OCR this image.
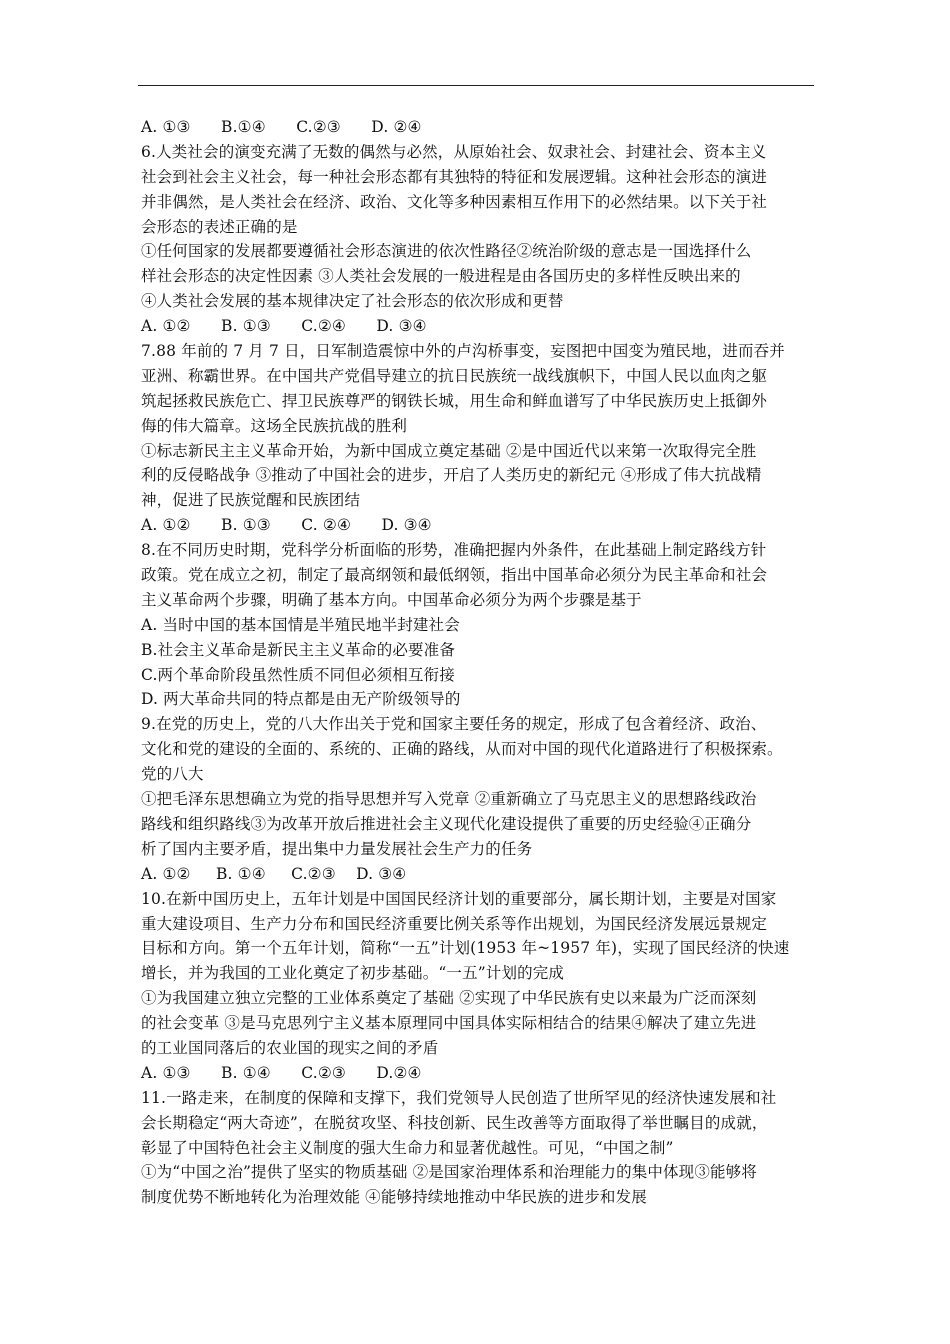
A. ①③      B.①④      C.②③      D. ②④
6.人类社会的演变充满了无数的偶然与必然，从原始社会、奴隶社会、封建社会、资本主义
社会到社会主义社会，每一种社会形态都有其独特的特征和发展逻辑。这种社会形态的演进
并非偶然，是人类社会在经济、政治、文化等多种因素相互作用下的必然结果。以下关于社
会形态的表述正确的是
①任何国家的发展都要遵循社会形态演进的依次性路径②统治阶级的意志是一国选择什么
样社会形态的决定性因素 ③人类社会发展的一般进程是由各国历史的多样性反映出来的
④人类社会发展的基本规律决定了社会形态的依次形成和更替
A. ①②      B. ①③      C.②④      D. ③④
7.88 年前的 7 月 7 日，日军制造震惊中外的卢沟桥事变，妄图把中国变为殖民地，进而吞并
亚洲、称霸世界。在中国共产党倡导建立的抗日民族统一战线旗帜下，中国人民以血肉之躯
筑起拯救民族危亡、捍卫民族尊严的钢铁长城，用生命和鲜血谱写了中华民族历史上抵御外
侮的伟大篇章。这场全民族抗战的胜利
①标志新民主主义革命开始，为新中国成立奠定基础 ②是中国近代以来第一次取得完全胜
利的反侵略战争 ③推动了中国社会的进步，开启了人类历史的新纪元 ④形成了伟大抗战精
神，促进了民族觉醒和民族团结
A. ①②      B. ①③      C. ②④      D. ③④
8.在不同历史时期，党科学分析面临的形势，准确把握内外条件，在此基础上制定路线方针
政策。党在成立之初，制定了最高纲领和最低纲领，指出中国革命必须分为民主革命和社会
主义革命两个步骤，明确了基本方向。中国革命必须分为两个步骤是基于
A. 当时中国的基本国情是半殖民地半封建社会
B.社会主义革命是新民主主义革命的必要准备
C.两个革命阶段虽然性质不同但必须相互衔接
D. 两大革命共同的特点都是由无产阶级领导的
9.在党的历史上，党的八大作出关于党和国家主要任务的规定，形成了包含着经济、政治、
文化和党的建设的全面的、系统的、正确的路线，从而对中国的现代化道路进行了积极探索。
党的八大
①把毛泽东思想确立为党的指导思想并写入党章 ②重新确立了马克思主义的思想路线政治
路线和组织路线③为改革开放后推进社会主义现代化建设提供了重要的历史经验④正确分
析了国内主要矛盾，提出集中力量发展社会生产力的任务
A. ①②     B. ①④     C.②③    D. ③④
10.在新中国历史上，五年计划是中国国民经济计划的重要部分，属长期计划，主要是对国家
重大建设项目、生产力分布和国民经济重要比例关系等作出规划，为国民经济发展远景规定
目标和方向。第一个五年计划，简称“一五”计划(1953 年~1957 年)，实现了国民经济的快速
增长，并为我国的工业化奠定了初步基础。“一五”计划的完成
①为我国建立独立完整的工业体系奠定了基础 ②实现了中华民族有史以来最为广泛而深刻
的社会变革 ③是马克思列宁主义基本原理同中国具体实际相结合的结果④解决了建立先进
的工业国同落后的农业国的现实之间的矛盾
A. ①③      B. ①④      C.②③      D.②④
11.一路走来，在制度的保障和支撑下，我们党领导人民创造了世所罕见的经济快速发展和社
会长期稳定“两大奇迹”，在脱贫攻坚、科技创新、民生改善等方面取得了举世瞩目的成就，
彰显了中国特色社会主义制度的强大生命力和显著优越性。可见，“中国之制”
①为“中国之治”提供了坚实的物质基础 ②是国家治理体系和治理能力的集中体现③能够将
制度优势不断地转化为治理效能 ④能够持续地推动中华民族的进步和发展
